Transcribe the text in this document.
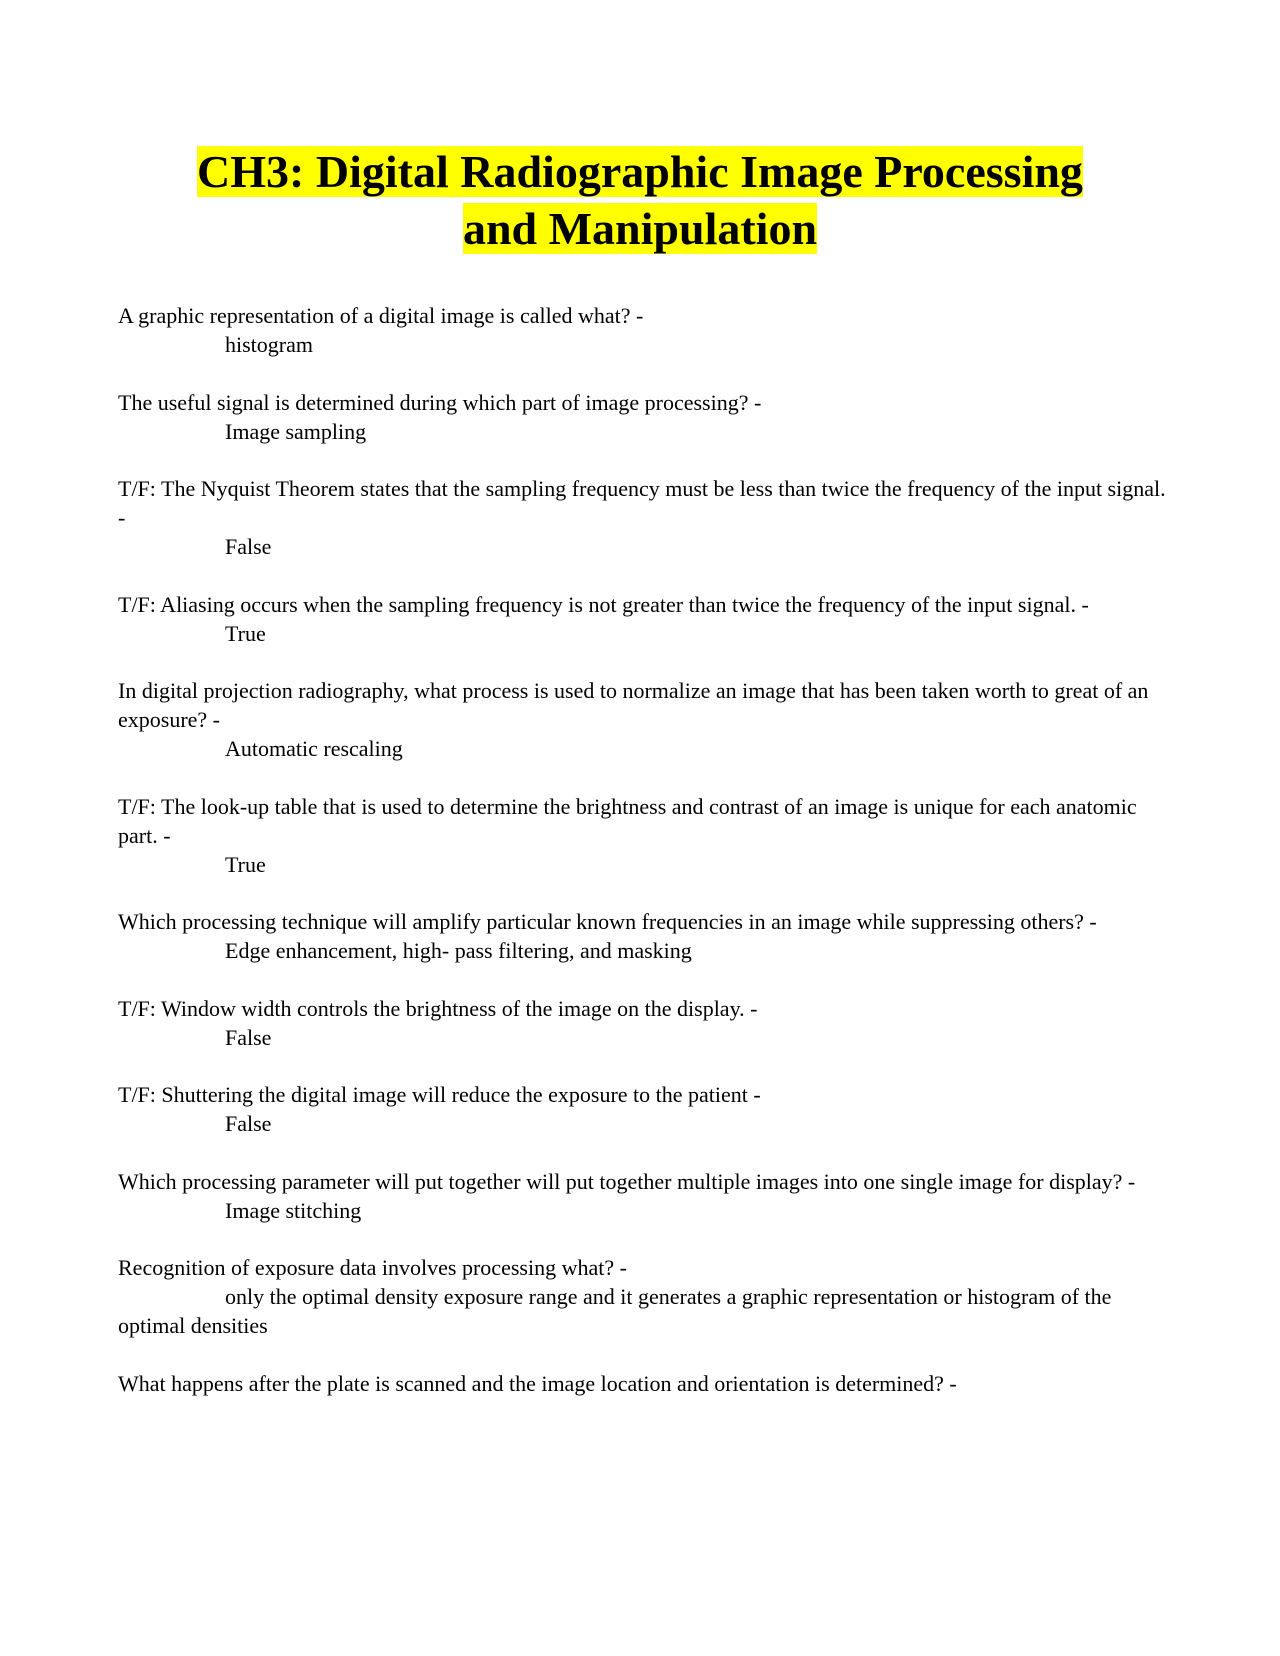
CH3: Digital Radiographic Image Processing
and Manipulation
A graphic representation of a digital image is called what? -
histogram
The useful signal is determined during which part of image processing? -
Image sampling
T/F: The Nyquist Theorem states that the sampling frequency must be less than twice the frequency of the input signal. -
False
T/F: Aliasing occurs when the sampling frequency is not greater than twice the frequency of the input signal. -
True
In digital projection radiography, what process is used to normalize an image that has been taken worth to great of an exposure? -
Automatic rescaling
T/F: The look-up table that is used to determine the brightness and contrast of an image is unique for each anatomic part. -
True
Which processing technique will amplify particular known frequencies in an image while suppressing others? -
Edge enhancement, high- pass filtering, and masking
T/F: Window width controls the brightness of the image on the display. -
False
T/F: Shuttering the digital image will reduce the exposure to the patient -
False
Which processing parameter will put together will put together multiple images into one single image for display? -
Image stitching
Recognition of exposure data involves processing what? -
only the optimal density exposure range and it generates a graphic representation or histogram of the optimal densities
What happens after the plate is scanned and the image location and orientation is determined? -
